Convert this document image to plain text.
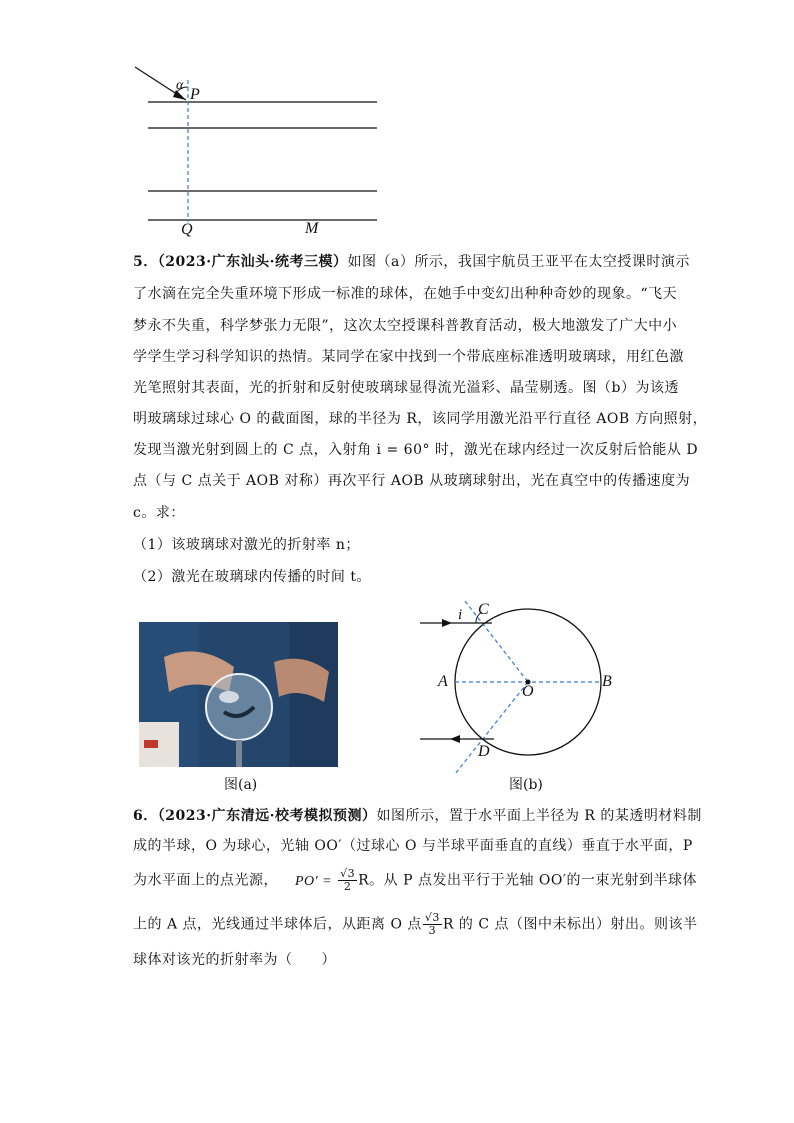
α
P
Q	M
5．（2023·广东汕头·统考三模）如图（a）所示，我国宇航员王亚平在太空授课时演示
了水滴在完全失重环境下形成一标准的球体，在她手中变幻出种种奇妙的现象。“飞天
梦永不失重，科学梦张力无限”，这次太空授课科普教育活动，极大地激发了广大中小
学学生学习科学知识的热情。某同学在家中找到一个带底座标准透明玻璃球，用红色激
光笔照射其表面，光的折射和反射使玻璃球显得流光溢彩、晶莹剔透。图（b）为该透
明玻璃球过球心 O 的截面图，球的半径为 R，该同学用激光沿平行直径 AOB 方向照射，
发现当激光射到圆上的 C 点，入射角 i = 60° 时，激光在球内经过一次反射后恰能从 D
点（与 C 点关于 AOB 对称）再次平行 AOB 从玻璃球射出，光在真空中的传播速度为
c。求：
（1）该玻璃球对激光的折射率 n；
（2）激光在玻璃球内传播的时间 t。
图(a)
i C
A
O
B
D
图(b)
6．（2023·广东清远·校考模拟预测）如图所示，置于水平面上半径为 R 的某透明材料制
成的半球，O 为球心，光轴 OO′（过球心 O 与半球平面垂直的直线）垂直于水平面，P
为水平面上的点光源， $PO' = \frac{√3}{2}$ R。从 P 点发出平行于光轴 OO′的一束光射到半球体
上的 A 点，光线通过半球体后，从距离 O 点 $\frac{√3}{3}$ R 的 C 点（图中未标出）射出。则该半
球体对该光的折射率为（　　）
